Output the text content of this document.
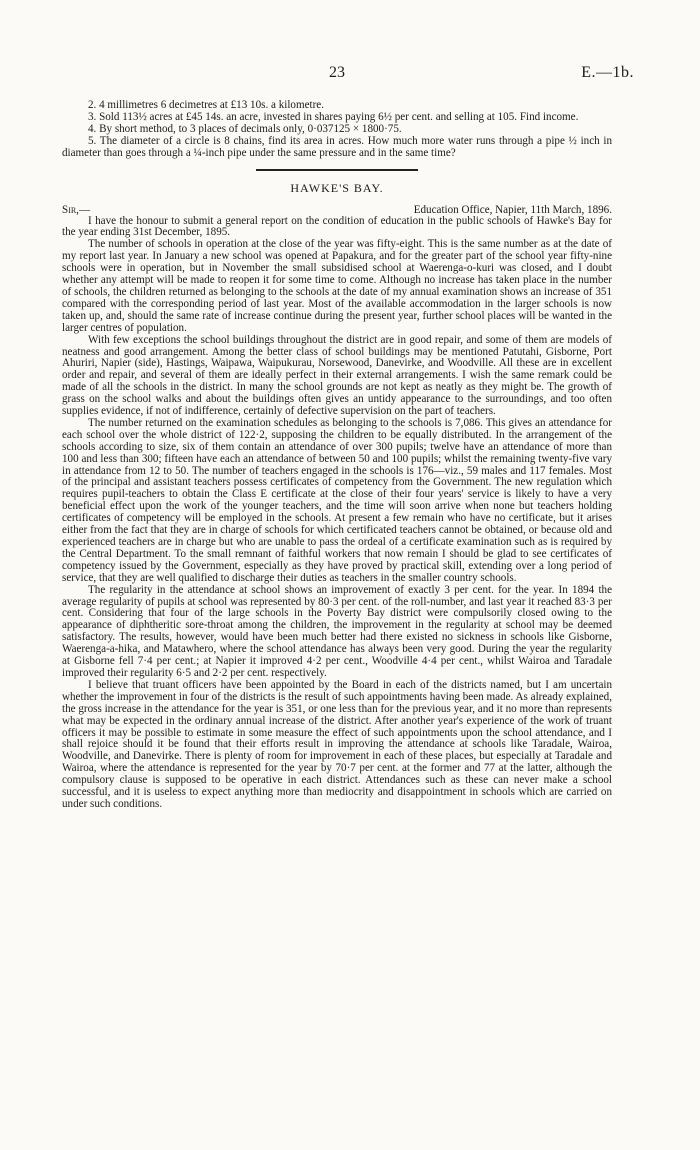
23	E.—1b.

2. 4 millimetres 6 decimetres at £13 10s. a kilometre.

3. Sold 113½ acres at £45 14s. an acre, invested in shares paying 6½ per cent. and selling at 105. Find income.

4. By short method, to 3 places of decimals only, 0·037125 × 1800·75.

5. The diameter of a circle is 8 chains, find its area in acres. How much more water runs through a pipe ½ inch in diameter than goes through a ¼-inch pipe under the same pressure and in the same time?

HAWKE'S BAY.
Sir,—	Education Office, Napier, 11th March, 1896.

I have the honour to submit a general report on the condition of education in the public schools of Hawke's Bay for the year ending 31st December, 1895.

The number of schools in operation at the close of the year was fifty-eight. This is the same number as at the date of my report last year. In January a new school was opened at Papakura, and for the greater part of the school year fifty-nine schools were in operation, but in November the small subsidised school at Waerenga-o-kuri was closed, and I doubt whether any attempt will be made to reopen it for some time to come. Although no increase has taken place in the number of schools, the children returned as belonging to the schools at the date of my annual examination shows an increase of 351 compared with the corresponding period of last year. Most of the available accommodation in the larger schools is now taken up, and, should the same rate of increase continue during the present year, further school places will be wanted in the larger centres of population.

With few exceptions the school buildings throughout the district are in good repair, and some of them are models of neatness and good arrangement. Among the better class of school buildings may be mentioned Patutahi, Gisborne, Port Ahuriri, Napier (side), Hastings, Waipawa, Waipukurau, Norsewood, Danevirke, and Woodville. All these are in excellent order and repair, and several of them are ideally perfect in their external arrangements. I wish the same remark could be made of all the schools in the district. In many the school grounds are not kept as neatly as they might be. The growth of grass on the school walks and about the buildings often gives an untidy appearance to the surroundings, and too often supplies evidence, if not of indifference, certainly of defective supervision on the part of teachers.

The number returned on the examination schedules as belonging to the schools is 7,086. This gives an attendance for each school over the whole district of 122·2, supposing the children to be equally distributed. In the arrangement of the schools according to size, six of them contain an attendance of over 300 pupils; twelve have an attendance of more than 100 and less than 300; fifteen have each an attendance of between 50 and 100 pupils; whilst the remaining twenty-five vary in attendance from 12 to 50. The number of teachers engaged in the schools is 176—viz., 59 males and 117 females. Most of the principal and assistant teachers possess certificates of competency from the Government. The new regulation which requires pupil-teachers to obtain the Class E certificate at the close of their four years' service is likely to have a very beneficial effect upon the work of the younger teachers, and the time will soon arrive when none but teachers holding certificates of competency will be employed in the schools. At present a few remain who have no certificate, but it arises either from the fact that they are in charge of schools for which certificated teachers cannot be obtained, or because old and experienced teachers are in charge but who are unable to pass the ordeal of a certificate examination such as is required by the Central Department. To the small remnant of faithful workers that now remain I should be glad to see certificates of competency issued by the Government, especially as they have proved by practical skill, extending over a long period of service, that they are well qualified to discharge their duties as teachers in the smaller country schools.

The regularity in the attendance at school shows an improvement of exactly 3 per cent. for the year. In 1894 the average regularity of pupils at school was represented by 80·3 per cent. of the roll-number, and last year it reached 83·3 per cent. Considering that four of the large schools in the Poverty Bay district were compulsorily closed owing to the appearance of diphtheritic sore-throat among the children, the improvement in the regularity at school may be deemed satisfactory. The results, however, would have been much better had there existed no sickness in schools like Gisborne, Waerenga-a-hika, and Matawhero, where the school attendance has always been very good. During the year the regularity at Gisborne fell 7·4 per cent.; at Napier it improved 4·2 per cent., Woodville 4·4 per cent., whilst Wairoa and Taradale improved their regularity 6·5 and 2·2 per cent. respectively.

I believe that truant officers have been appointed by the Board in each of the districts named, but I am uncertain whether the improvement in four of the districts is the result of such appointments having been made. As already explained, the gross increase in the attendance for the year is 351, or one less than for the previous year, and it no more than represents what may be expected in the ordinary annual increase of the district. After another year's experience of the work of truant officers it may be possible to estimate in some measure the effect of such appointments upon the school attendance, and I shall rejoice should it be found that their efforts result in improving the attendance at schools like Taradale, Wairoa, Woodville, and Danevirke. There is plenty of room for improvement in each of these places, but especially at Taradale and Wairoa, where the attendance is represented for the year by 70·7 per cent. at the former and 77 at the latter, although the compulsory clause is supposed to be operative in each district. Attendances such as these can never make a school successful, and it is useless to expect anything more than mediocrity and disappointment in schools which are carried on under such conditions.
